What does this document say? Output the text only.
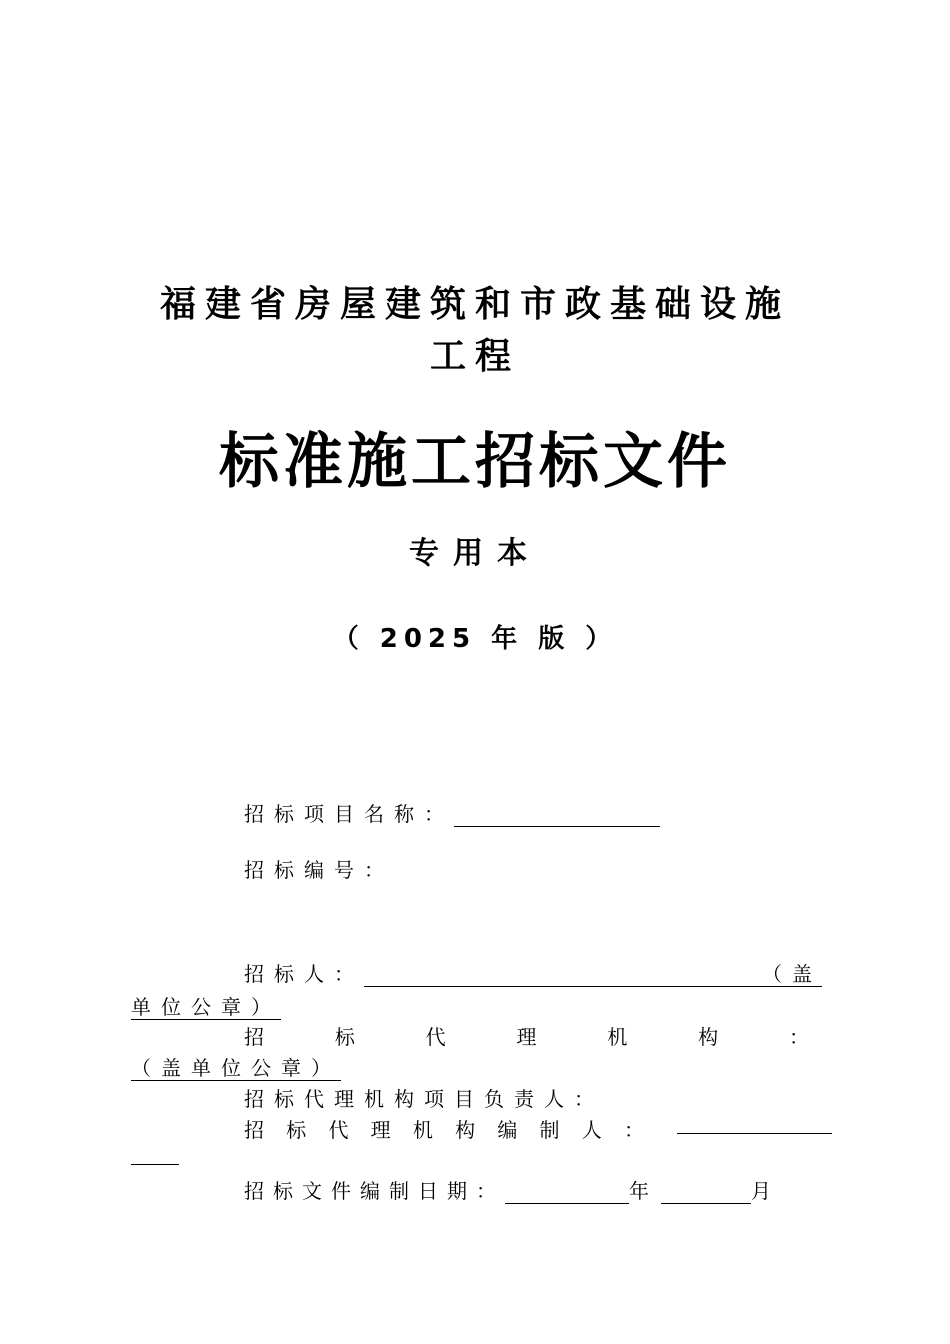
福建省房屋建筑和市政基础设施
工程
标准施工招标文件
专用本
（ 2025 年 版 ）
招标项目名称：
招标编号：
招标人：	（盖
单位公章）
招	标	代	理	机	构	：
（盖单位公章）
招标代理机构项目负责人：
招 标 代 理 机 构 编 制 人 ：
招标文件编制日期：	年	月
